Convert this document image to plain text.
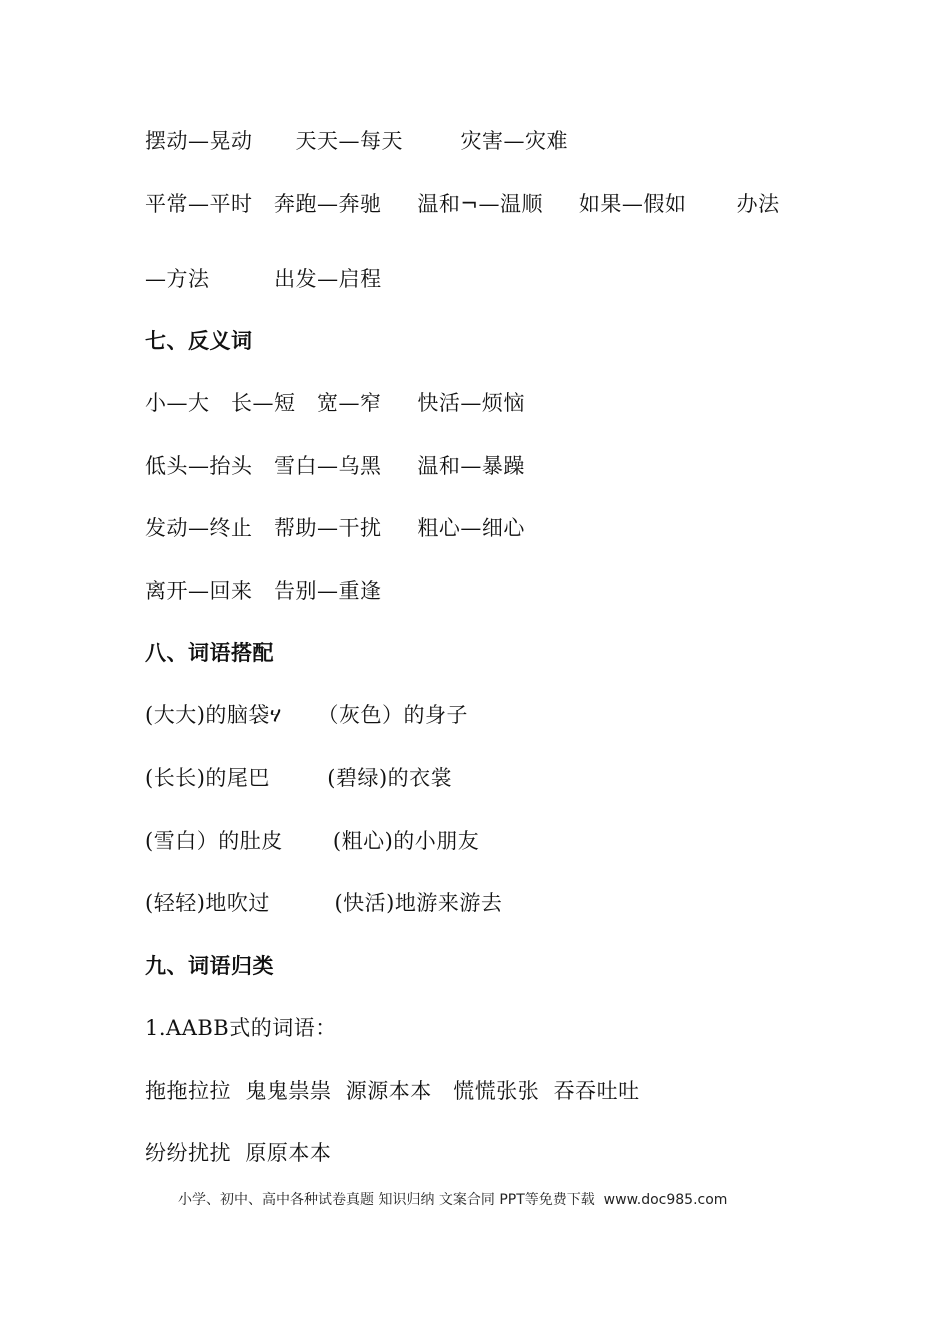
摆动—晃动      天天—每天        灾害—灾难
平常—平时   奔跑—奔驰     温和¬—温顺     如果—假如       办法
—方法         出发—启程
七、反义词
小—大   长—短   宽—窄     快活—烦恼
低头—抬头   雪白—乌黑     温和—暴躁
发动—终止   帮助—干扰     粗心—细心
离开—回来   告别—重逢
八、词语搭配
(大大)的脑袋ሃ     （灰色）的身子
(长长)的尾巴        (碧绿)的衣裳
(雪白）的肚皮       (粗心)的小朋友
(轻轻)地吹过         (快活)地游来游去
九、词语归类
1.AABB式的词语：
拖拖拉拉  鬼鬼祟祟  源源本本   慌慌张张  吞吞吐吐
纷纷扰扰  原原本本
小学、初中、高中各种试卷真题 知识归纳 文案合同 PPT等免费下载  www.doc985.com
